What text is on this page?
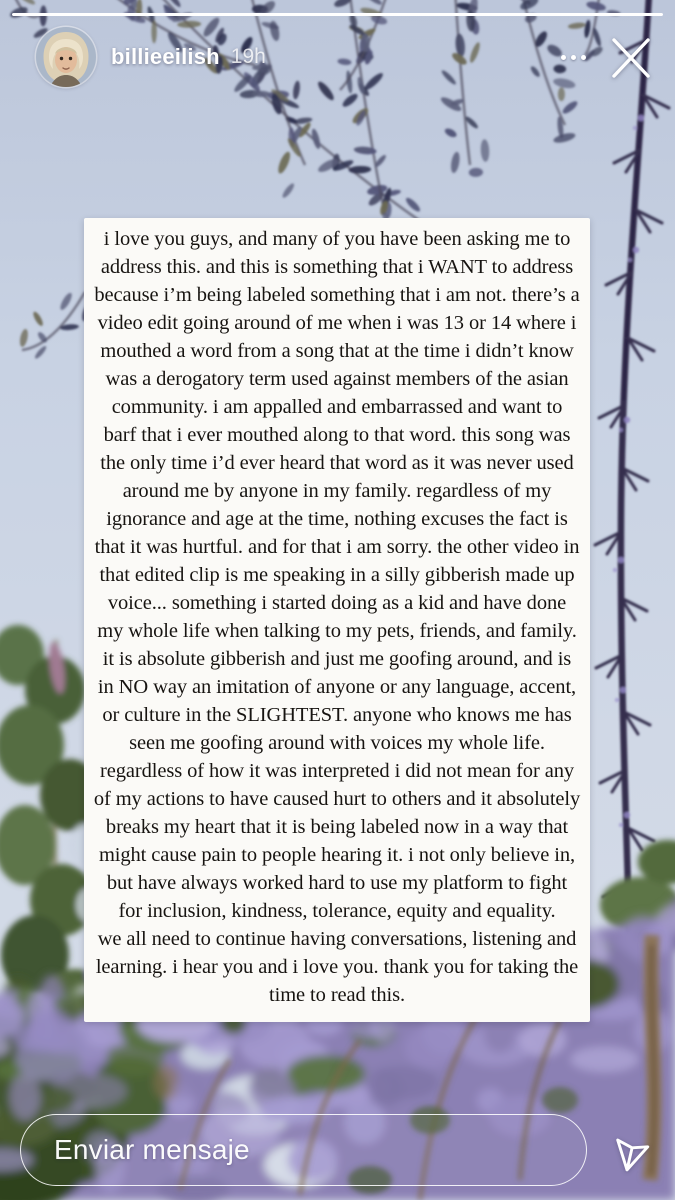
billieeilish 19h

i love you guys, and many of you have been asking me to address this. and this is something that i WANT to address because i’m being labeled something that i am not. there’s a video edit going around of me when i was 13 or 14 where i mouthed a word from a song that at the time i didn’t know was a derogatory term used against members of the asian community. i am appalled and embarrassed and want to barf that i ever mouthed along to that word. this song was the only time i’d ever heard that word as it was never used around me by anyone in my family. regardless of my ignorance and age at the time, nothing excuses the fact is that it was hurtful. and for that i am sorry. the other video in that edited clip is me speaking in a silly gibberish made up voice... something i started doing as a kid and have done my whole life when talking to my pets, friends, and family. it is absolute gibberish and just me goofing around, and is in NO way an imitation of anyone or any language, accent, or culture in the SLIGHTEST. anyone who knows me has seen me goofing around with voices my whole life. regardless of how it was interpreted i did not mean for any of my actions to have caused hurt to others and it absolutely breaks my heart that it is being labeled now in a way that might cause pain to people hearing it. i not only believe in, but have always worked hard to use my platform to fight for inclusion, kindness, tolerance, equity and equality.

we all need to continue having conversations, listening and learning. i hear you and i love you. thank you for taking the time to read this.

Enviar mensaje
